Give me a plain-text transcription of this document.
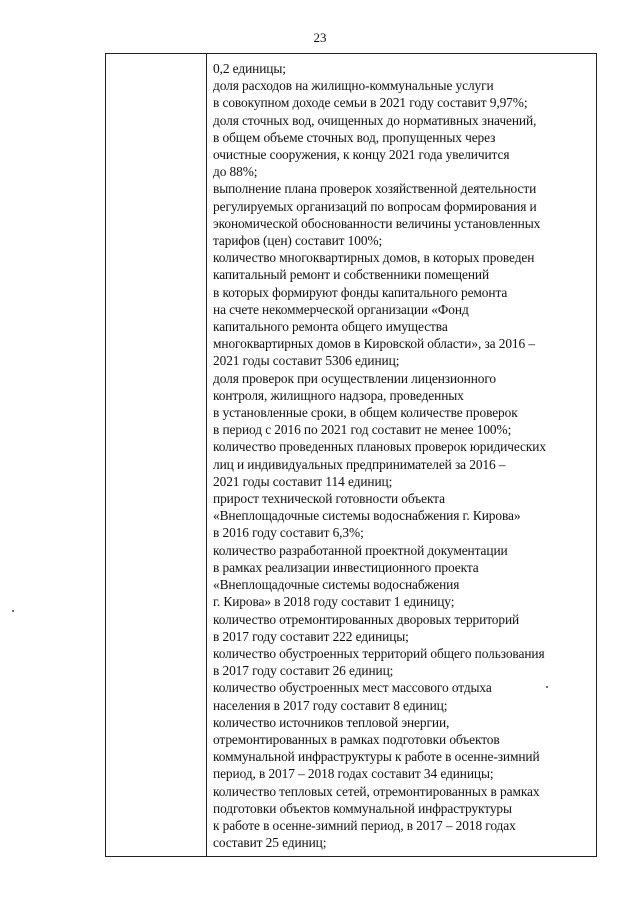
23
0,2 единицы;
доля расходов на жилищно-коммунальные услуги
в совокупном доходе семьи в 2021 году составит 9,97%;
доля сточных вод, очищенных до нормативных значений,
в общем объеме сточных вод, пропущенных через
очистные сооружения, к концу 2021 года увеличится
до 88%;
выполнение плана проверок хозяйственной деятельности
регулируемых организаций по вопросам формирования и
экономической обоснованности величины установленных
тарифов (цен) составит 100%;
количество многоквартирных домов, в которых проведен
капитальный ремонт и собственники помещений
в которых формируют фонды капитального ремонта
на счете некоммерческой организации «Фонд
капитального ремонта общего имущества
многоквартирных домов в Кировской области», за 2016 –
2021 годы составит 5306 единиц;
доля проверок при осуществлении лицензионного
контроля, жилищного надзора, проведенных
в установленные сроки, в общем количестве проверок
в период с 2016 по 2021 год составит не менее 100%;
количество проведенных плановых проверок юридических
лиц и индивидуальных предпринимателей за 2016 –
2021 годы составит 114 единиц;
прирост технической готовности объекта
«Внеплощадочные системы водоснабжения г. Кирова»
в 2016 году составит 6,3%;
количество разработанной проектной документации
в рамках реализации инвестиционного проекта
«Внеплощадочные системы водоснабжения
г. Кирова» в 2018 году составит 1 единицу;
количество отремонтированных дворовых территорий
в 2017 году составит 222 единицы;
количество обустроенных территорий общего пользования
в 2017 году составит 26 единиц;
количество обустроенных мест массового отдыха
населения в 2017 году составит 8 единиц;
количество источников тепловой энергии,
отремонтированных в рамках подготовки объектов
коммунальной инфраструктуры к работе в осенне-зимний
период, в 2017 – 2018 годах составит 34 единицы;
количество тепловых сетей, отремонтированных в рамках
подготовки объектов коммунальной инфраструктуры
к работе в осенне-зимний период, в 2017 – 2018 годах
составит 25 единиц;
